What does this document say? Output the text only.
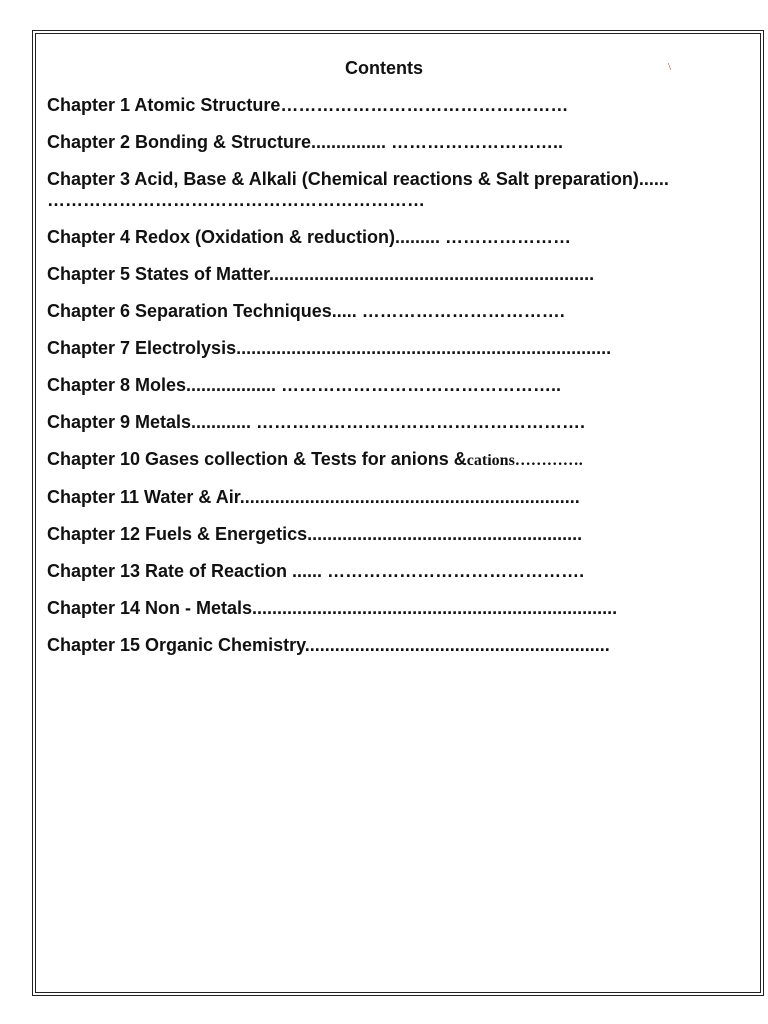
Contents	\
Chapter 1 Atomic Structure…………………………………………
Chapter 2 Bonding & Structure............... ………………………..
Chapter 3 Acid, Base & Alkali (Chemical reactions & Salt preparation)...... ………………………………………………………
Chapter 4 Redox (Oxidation & reduction)......... …………………
Chapter 5 States of Matter.................................................................
Chapter 6 Separation Techniques..... …………………………….
Chapter 7 Electrolysis...........................................................................
Chapter 8 Moles.................. ………………………………………..
Chapter 9 Metals............ ……………………………………………….
Chapter 10 Gases collection & Tests for anions &cations………….
Chapter 11 Water & Air....................................................................
Chapter 12 Fuels & Energetics.......................................................
Chapter 13 Rate of Reaction ...... …………………………………….
Chapter 14 Non - Metals.........................................................................
Chapter 15 Organic Chemistry.............................................................
